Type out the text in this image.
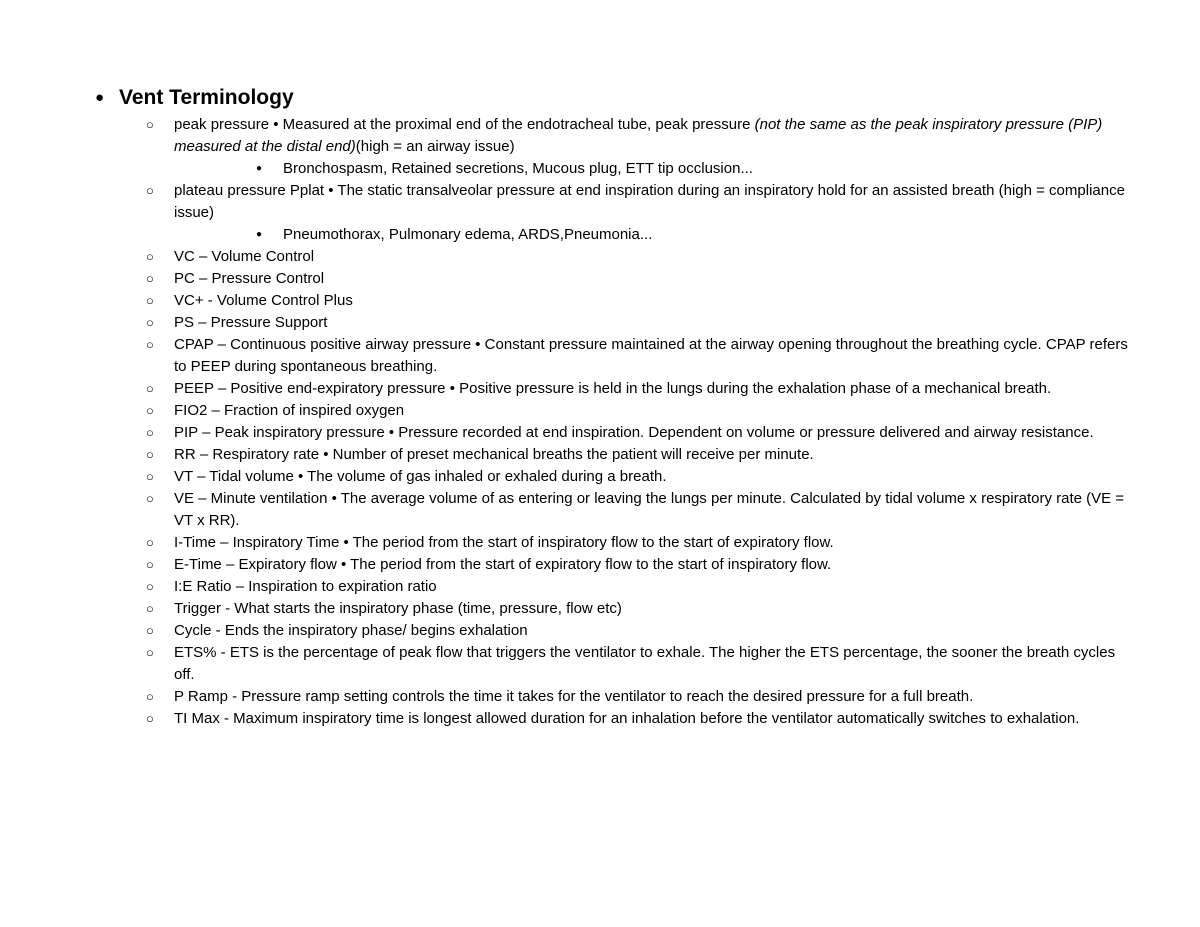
● Vent Terminology
○	peak pressure • Measured at the proximal end of the endotracheal tube, peak pressure (not the same as the peak inspiratory pressure (PIP) measured at the distal end)(high = an airway issue)
● Bronchospasm, Retained secretions, Mucous plug, ETT tip occlusion...
○	plateau pressure Pplat • The static transalveolar pressure at end inspiration during an inspiratory hold for an assisted breath (high = compliance issue)
● Pneumothorax, Pulmonary edema, ARDS,Pneumonia...
○	VC – Volume Control
○	PC – Pressure Control
○	VC+ - Volume Control Plus
○	PS – Pressure Support
○	CPAP – Continuous positive airway pressure • Constant pressure maintained at the airway opening throughout the breathing cycle. CPAP refers to PEEP during spontaneous breathing.
○	PEEP – Positive end-expiratory pressure • Positive pressure is held in the lungs during the exhalation phase of a mechanical breath.
○	FIO2 – Fraction of inspired oxygen
○	PIP – Peak inspiratory pressure • Pressure recorded at end inspiration. Dependent on volume or pressure delivered and airway resistance.
○	RR – Respiratory rate • Number of preset mechanical breaths the patient will receive per minute.
○	VT – Tidal volume • The volume of gas inhaled or exhaled during a breath.
○	VE – Minute ventilation • The average volume of as entering or leaving the lungs per minute. Calculated by tidal volume x respiratory rate (VE = VT x RR).
○	I-Time – Inspiratory Time • The period from the start of inspiratory flow to the start of expiratory flow.
○	E-Time – Expiratory flow • The period from the start of expiratory flow to the start of inspiratory flow.
○	I:E Ratio – Inspiration to expiration ratio
○	Trigger - What starts the inspiratory phase (time, pressure, flow etc)
○	Cycle - Ends the inspiratory phase/ begins exhalation
○	ETS% - ETS is the percentage of peak flow that triggers the ventilator to exhale. The higher the ETS percentage, the sooner the breath cycles off.
○	P Ramp - Pressure ramp setting controls the time it takes for the ventilator to reach the desired pressure for a full breath.
○	TI Max - Maximum inspiratory time is longest allowed duration for an inhalation before the ventilator automatically switches to exhalation.
